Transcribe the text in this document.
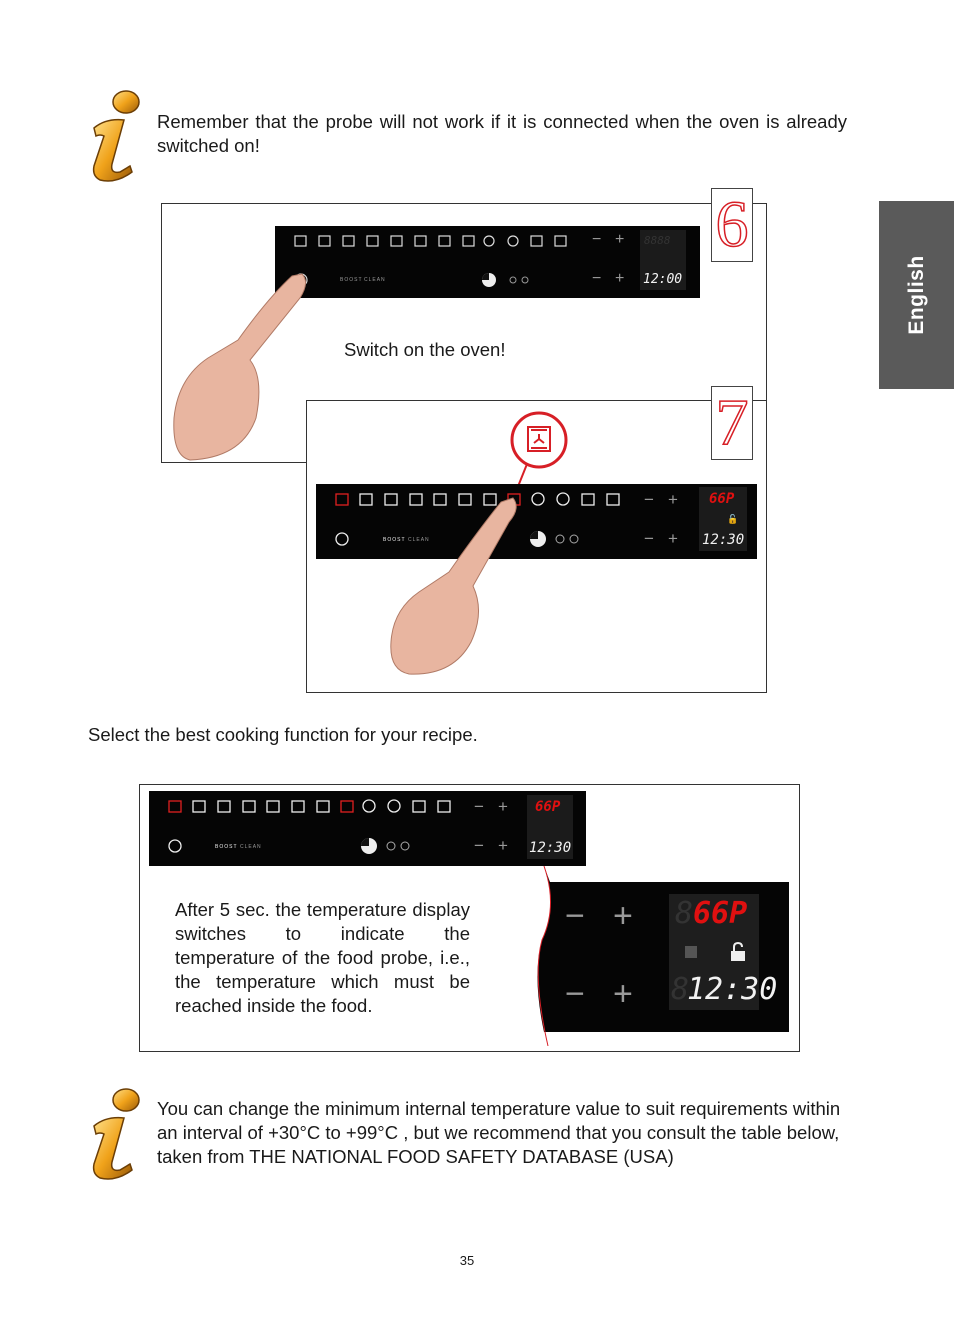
Remember that the probe will not work if it is connected when the oven is already switched on!
English
6
BOOST CLEAN
− +
− +
8888
12:00
Switch on the oven!
7
BOOST CLEAN
− +
− +
66P
🔓
12:30
Select the best cooking function for your recipe.
BOOST CLEAN
− +
− +
66P
12:30
− +
− +
8 66P
8
12:30
After 5 sec. the temperature display switches to indicate the temperature of the food probe, i.e., the temperature which must be reached inside the food.
You can change the minimum internal temperature value to suit requirements within an interval of +30°C to +99°C , but we recommend that you consult the table below, taken from THE NATIONAL FOOD SAFETY DATABASE (USA)
35
